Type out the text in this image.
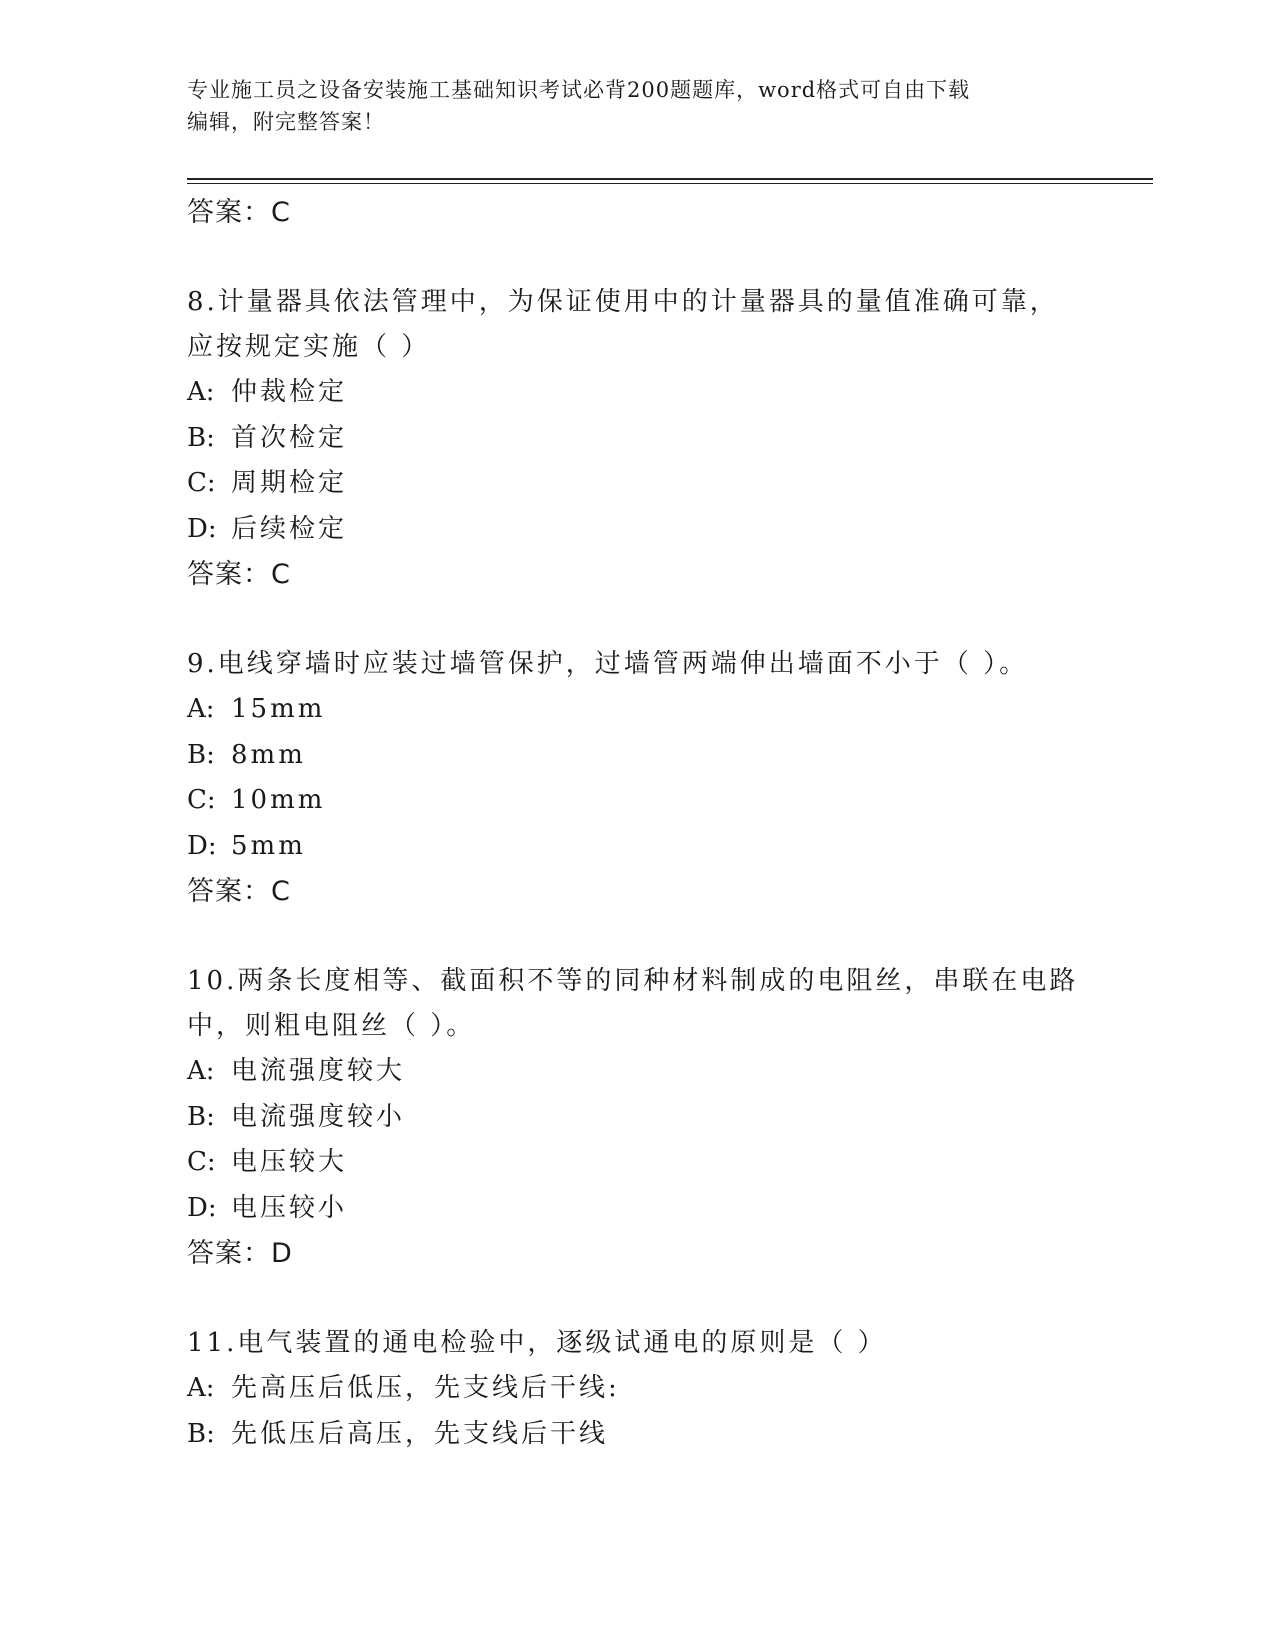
专业施工员之设备安装施工基础知识考试必背200题题库，word格式可自由下载
编辑，附完整答案！
答案：C
8.计量器具依法管理中，为保证使用中的计量器具的量值准确可靠，
应按规定实施（ ）
A: 仲裁检定
B: 首次检定
C: 周期检定
D: 后续检定
答案：C
9.电线穿墙时应装过墙管保护，过墙管两端伸出墙面不小于（ ）。
A: 15mm
B: 8mm
C: 10mm
D: 5mm
答案：C
10.两条长度相等、截面积不等的同种材料制成的电阻丝，串联在电路
中，则粗电阻丝（ ）。
A: 电流强度较大
B: 电流强度较小
C: 电压较大
D: 电压较小
答案：D
11.电气装置的通电检验中，逐级试通电的原则是（ ）
A: 先高压后低压，先支线后干线:
B: 先低压后高压，先支线后干线
